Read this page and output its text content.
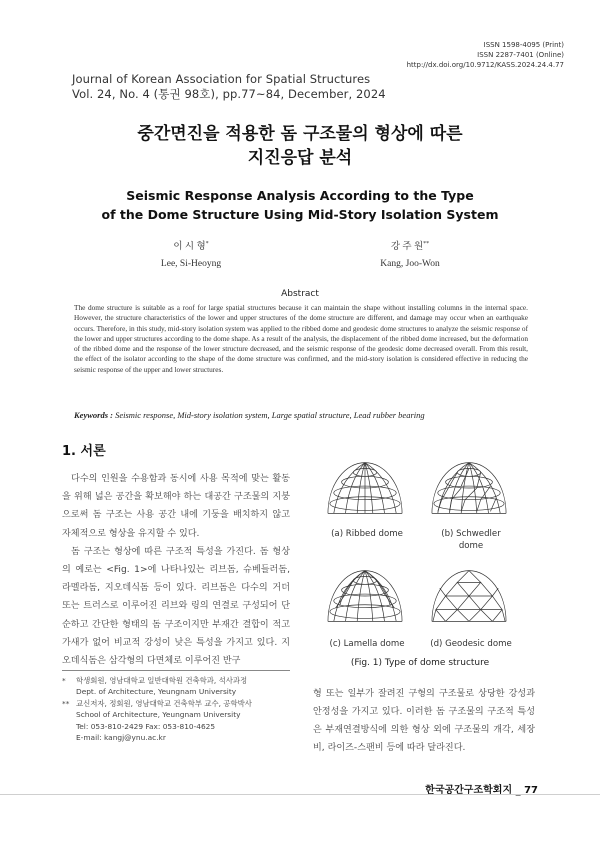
ISSN 1598-4095 (Print)
ISSN 2287-7401 (Online)
http://dx.doi.org/10.9712/KASS.2024.24.4.77
Journal of Korean Association for Spatial Structures
Vol. 24, No. 4 (통권 98호), pp.77~84, December, 2024
중간면진을 적용한 돔 구조물의 형상에 따른
지진응답 분석
Seismic Response Analysis According to the Type
of the Dome Structure Using Mid-Story Isolation System
이 시 형*
Lee, Si-Heoyng
강 주 원**
Kang, Joo-Won
Abstract
The dome structure is suitable as a roof for large spatial structures because it can maintain the shape without installing columns in the internal space. However, the structure characteristics of the lower and upper structures of the dome structure are different, and damage may occur when an earthquake occurs. Therefore, in this study, mid-story isolation system was applied to the ribbed dome and geodesic dome structures to analyze the seismic response of the lower and upper structures according to the dome shape. As a result of the analysis, the displacement of the ribbed dome increased, but the deformation of the ribbed dome and the response of the lower structure decreased, and the seismic response of the geodesic dome decreased overall. From this result, the effect of the isolator according to the shape of the dome structure was confirmed, and the mid-story isolation is considered effective in reducing the seismic response of the upper and lower structures.
Keywords : Seismic response, Mid-story isolation system, Large spatial structure, Lead rubber bearing
1. 서론

다수의 인원을 수용함과 동시에 사용 목적에 맞는 활동을 위해 넓은 공간을 확보해야 하는 대공간 구조물의 지붕으로써 돔 구조는 사용 공간 내에 기둥을 배치하지 않고 자체적으로 형상을 유지할 수 있다.

돔 구조는 형상에 따른 구조적 특성을 가진다. 돔 형상의 예로는 <Fig. 1>에 나타나있는 리브돔, 슈베들러돔, 라멜라돔, 지오데식돔 등이 있다. 리브돔은 다수의 거더 또는 트러스로 이루어진 리브와 링의 연결로 구성되어 단순하고 간단한 형태의 돔 구조이지만 부재간 결합이 적고 가새가 없어 비교적 강성이 낮은 특성을 가지고 있다. 지오데식돔은 삼각형의 다면체로 이루어진 반구

* 학생회원, 영남대학교 일반대학원 건축학과, 석사과정
Dept. of Architecture, Yeungnam University
** 교신저자, 정회원, 영남대학교 건축학부 교수, 공학박사
School of Architecture, Yeungnam University
Tel: 053-810-2429 Fax: 053-810-4625
E-mail: kangj@ynu.ac.kr
(a) Ribbed dome	(b) Schwedler
dome
(c) Lamella dome	(d) Geodesic dome
(Fig. 1) Type of dome structure
형 또는 일부가 잘려진 구형의 구조물로 상당한 강성과 안정성을 가지고 있다. 이러한 돔 구조물의 구조적 특성은 부재연결방식에 의한 형상 외에 구조물의 개각, 세장비, 라이즈-스팬비 등에 따라 달라진다.
한국공간구조학회지 _ 77
